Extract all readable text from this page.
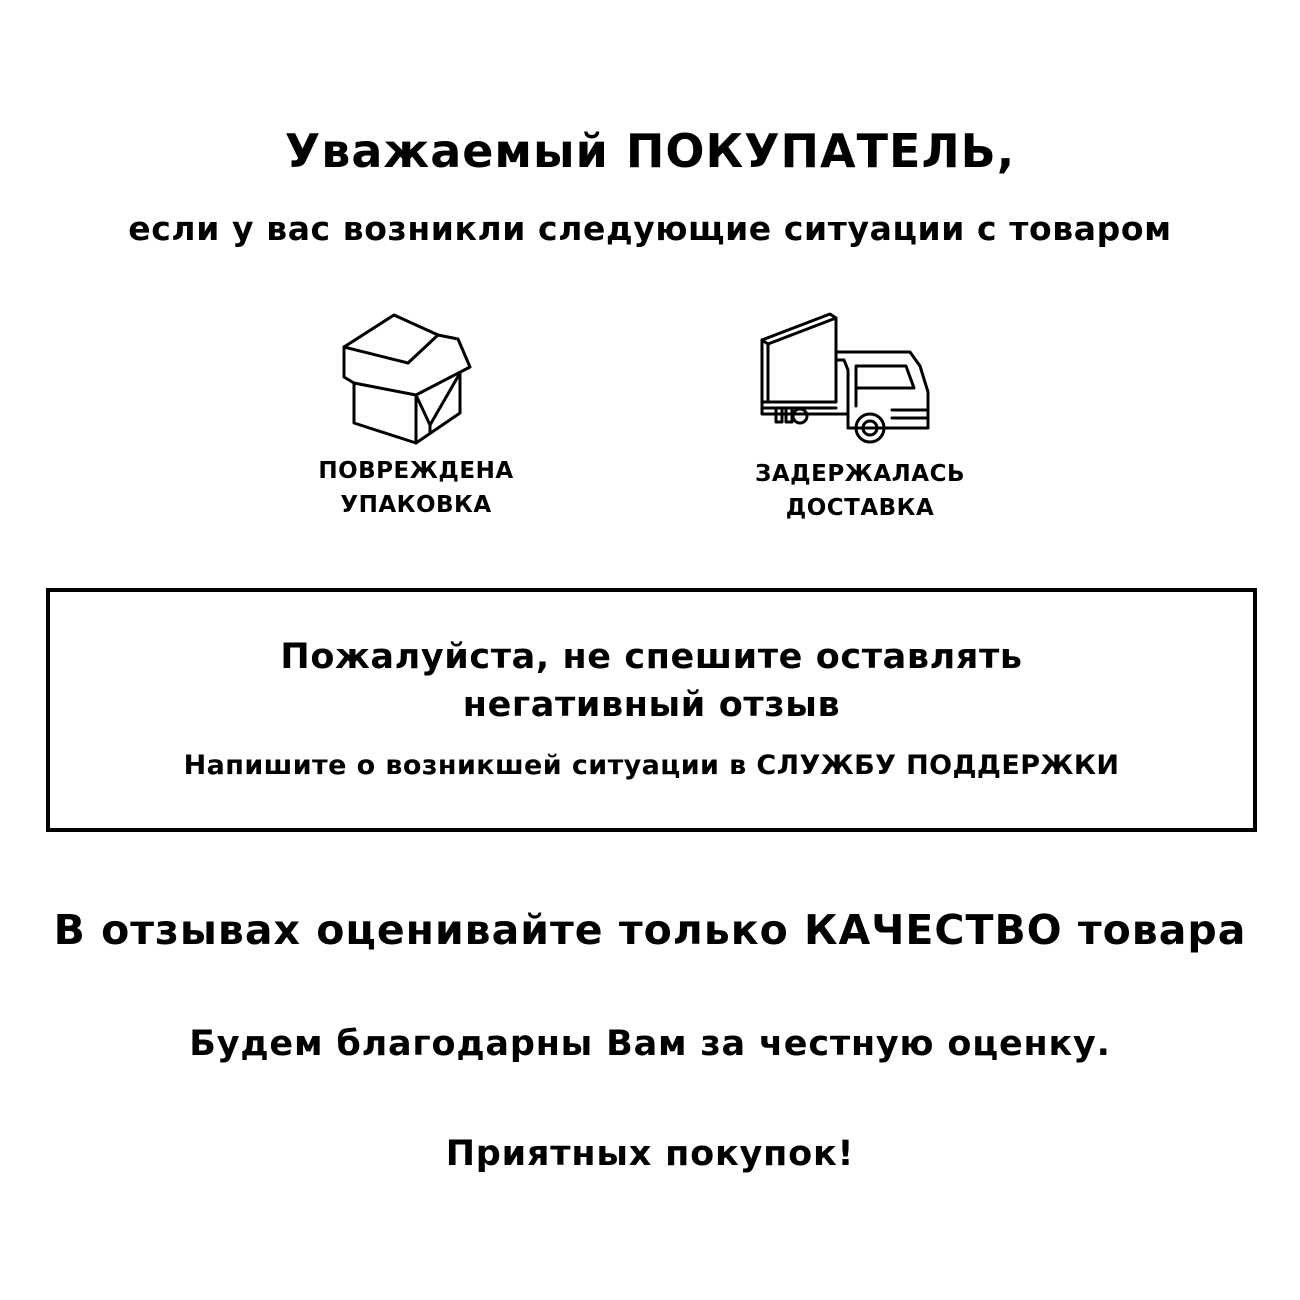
Уважаемый ПОКУПАТЕЛЬ,
если у вас возникли следующие ситуации с товаром
ПОВРЕЖДЕНА
УПАКОВКА
ЗАДЕРЖАЛАСЬ
ДОСТАВКА
Пожалуйста, не спешите оставлять
негативный отзыв
Напишите о возникшей ситуации в СЛУЖБУ ПОДДЕРЖКИ
В отзывах оценивайте только КАЧЕСТВО товара
Будем благодарны Вам за честную оценку.
Приятных покупок!
